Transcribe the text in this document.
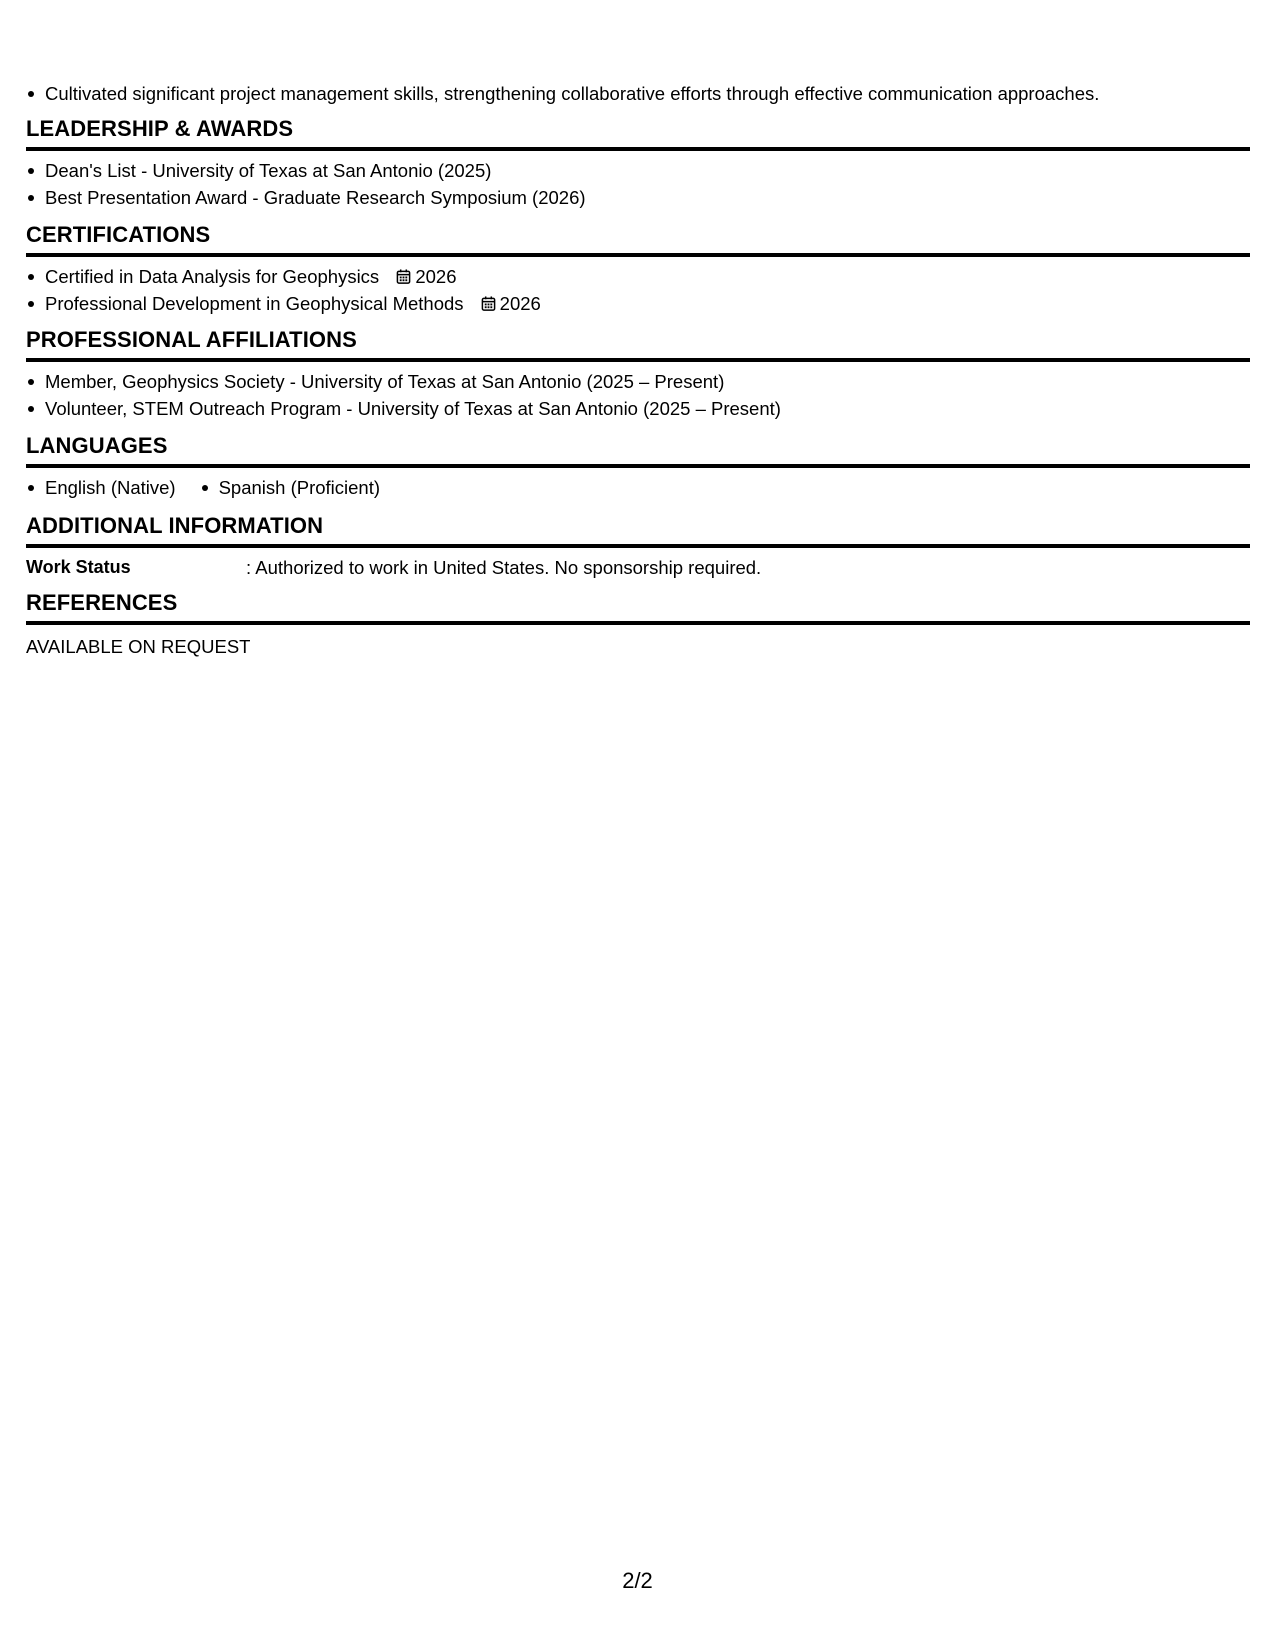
Cultivated significant project management skills, strengthening collaborative efforts through effective communication approaches.
LEADERSHIP & AWARDS
Dean's List - University of Texas at San Antonio (2025)
Best Presentation Award - Graduate Research Symposium (2026)
CERTIFICATIONS
Certified in Data Analysis for Geophysics 2026
Professional Development in Geophysical Methods 2026
PROFESSIONAL AFFILIATIONS
Member, Geophysics Society - University of Texas at San Antonio (2025 – Present)
Volunteer, STEM Outreach Program - University of Texas at San Antonio (2025 – Present)
LANGUAGES
English (Native)	Spanish (Proficient)
ADDITIONAL INFORMATION
Work Status	: Authorized to work in United States. No sponsorship required.
REFERENCES
AVAILABLE ON REQUEST
2/2
